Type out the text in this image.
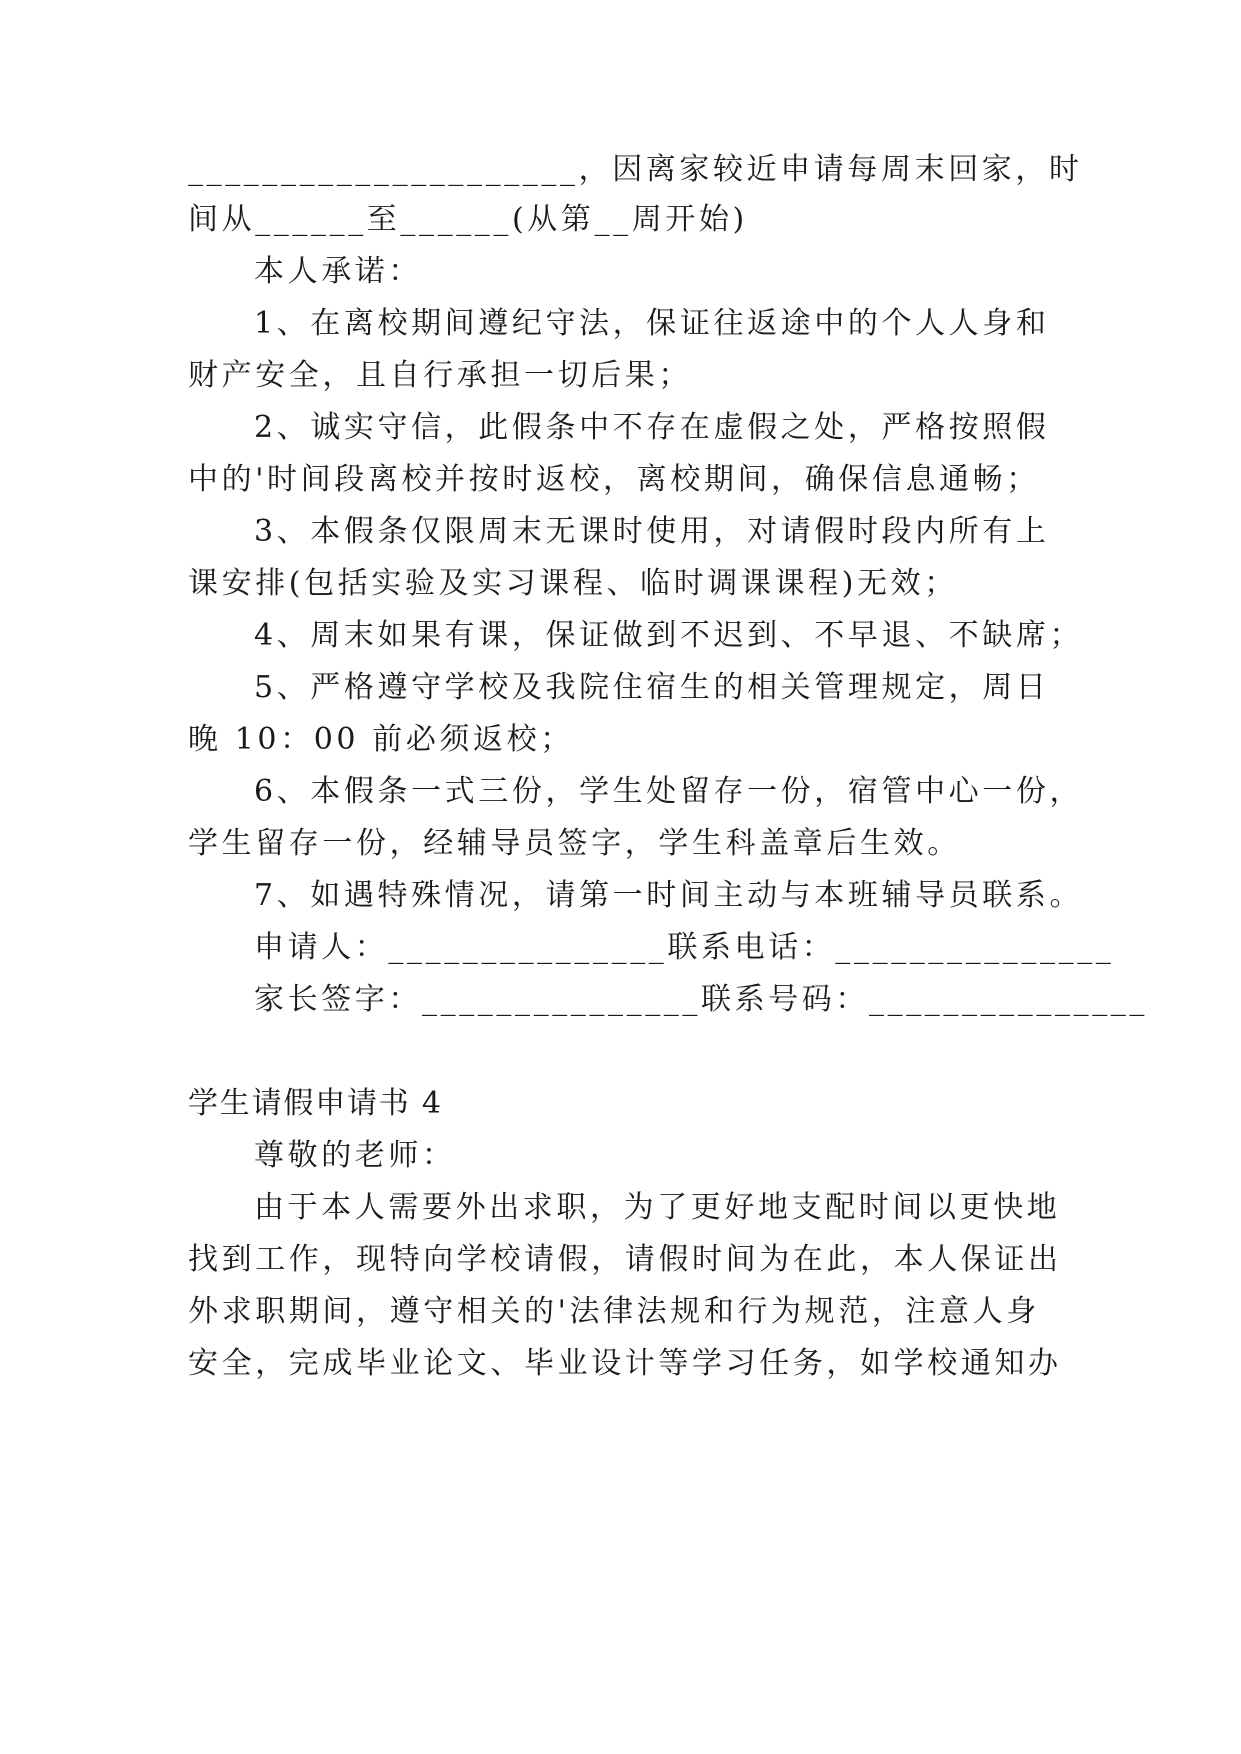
_____________________，因离家较近申请每周末回家，时
间从______至______(从第__周开始)
本人承诺：
1、在离校期间遵纪守法，保证往返途中的个人人身和
财产安全，且自行承担一切后果；
2、诚实守信，此假条中不存在虚假之处，严格按照假
中的'时间段离校并按时返校，离校期间，确保信息通畅；
3、本假条仅限周末无课时使用，对请假时段内所有上
课安排(包括实验及实习课程、临时调课课程)无效；
4、周末如果有课，保证做到不迟到、不早退、不缺席；
5、严格遵守学校及我院住宿生的相关管理规定，周日
晚 10：00 前必须返校；
6、本假条一式三份，学生处留存一份，宿管中心一份，
学生留存一份，经辅导员签字，学生科盖章后生效。
7、如遇特殊情况，请第一时间主动与本班辅导员联系。
申请人：_______________联系电话：_______________
家长签字：_______________联系号码：_______________
学生请假申请书 4
尊敬的老师：
由于本人需要外出求职，为了更好地支配时间以更快地
找到工作，现特向学校请假，请假时间为在此，本人保证出
外求职期间，遵守相关的'法律法规和行为规范，注意人身
安全，完成毕业论文、毕业设计等学习任务，如学校通知办
